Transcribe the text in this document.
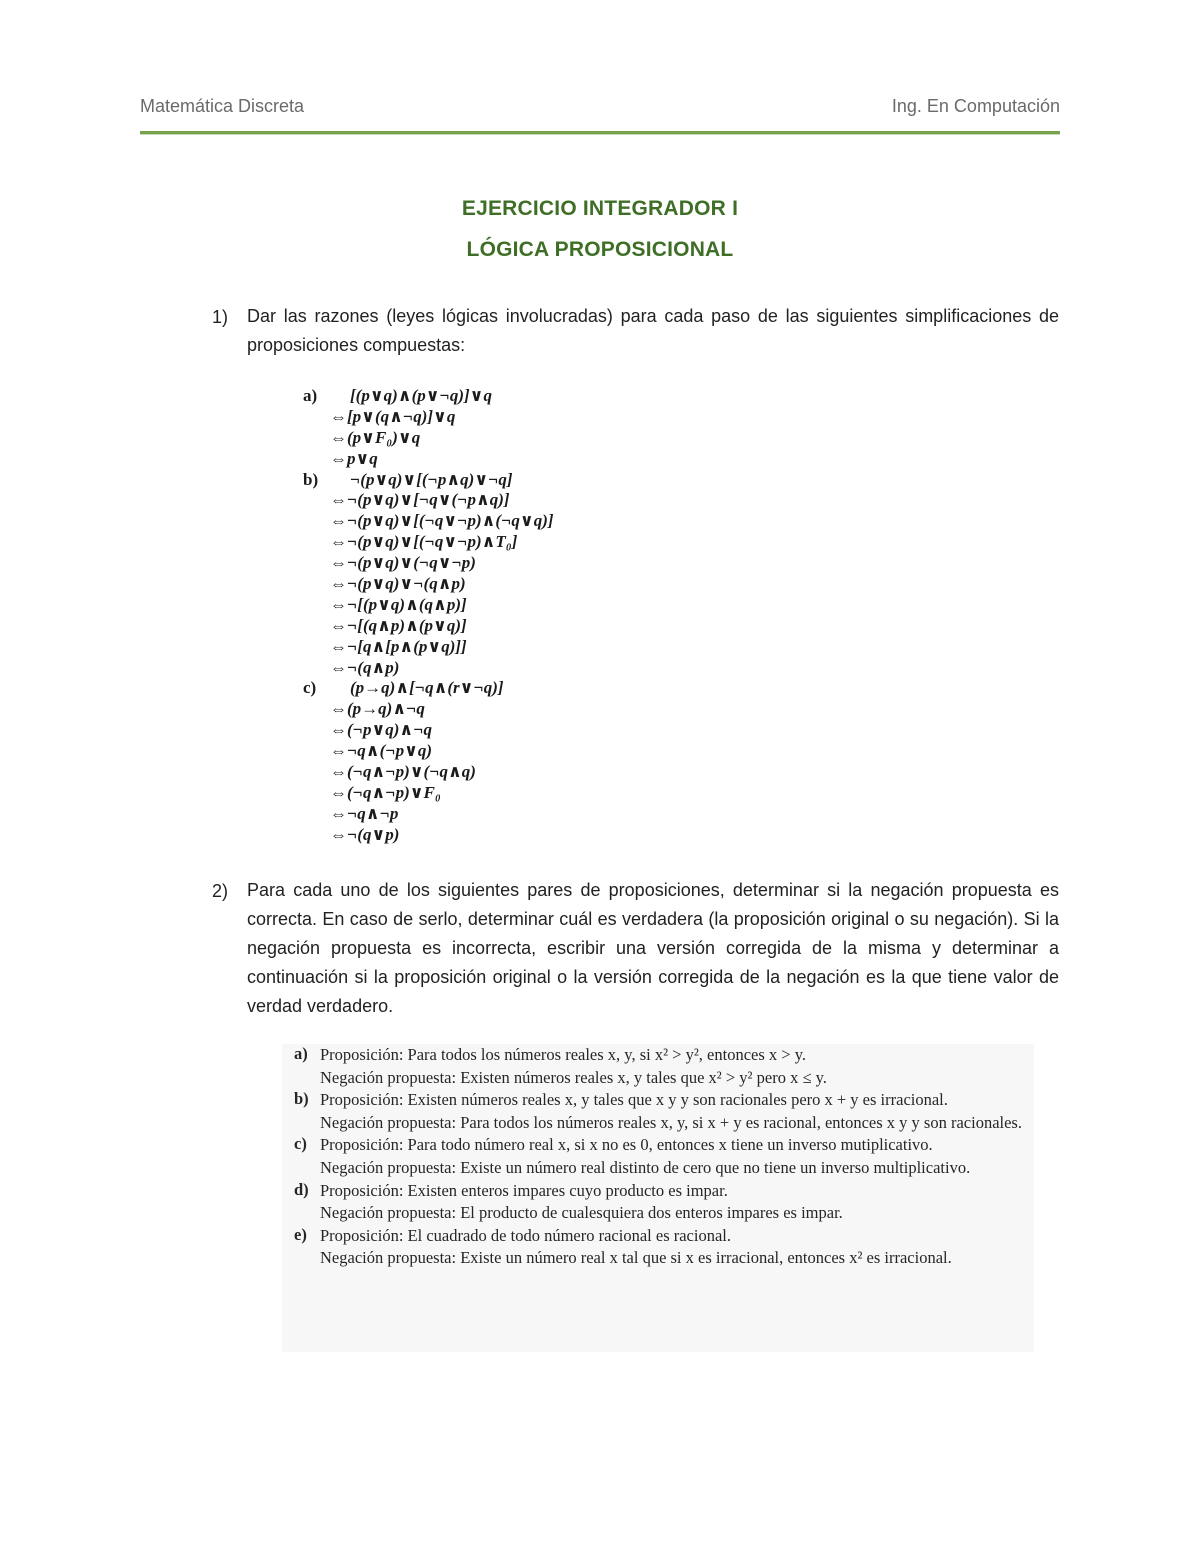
Matemática Discreta	Ing. En Computación
EJERCICIO INTEGRADOR I
LÓGICA PROPOSICIONAL
1) Dar las razones (leyes lógicas involucradas) para cada paso de las siguientes simplificaciones de proposiciones compuestas:

a) [(p∨q)∧(p∨¬q)]∨q
⇔[p∨(q∧¬q)]∨q
⇔(p∨F₀)∨q
⇔p∨q
b) ¬(p∨q)∨[(¬p∧q)∨¬q]
⇔¬(p∨q)∨[¬q∨(¬p∧q)]
⇔¬(p∨q)∨[(¬q∨¬p)∧(¬q∨q)]
⇔¬(p∨q)∨[(¬q∨¬p)∧T₀]
⇔¬(p∨q)∨(¬q∨¬p)
⇔¬(p∨q)∨¬(q∧p)
⇔¬[(p∨q)∧(q∧p)]
⇔¬[(q∧p)∧(p∨q)]
⇔¬[q∧[p∧(p∨q)]]
⇔¬(q∧p)
c) (p→q)∧[¬q∧(r∨¬q)]
⇔(p→q)∧¬q
⇔(¬p∨q)∧¬q
⇔¬q∧(¬p∨q)
⇔(¬q∧¬p)∨(¬q∧q)
⇔(¬q∧¬p)∨F₀
⇔¬q∧¬p
⇔¬(q∨p)
2) Para cada uno de los siguientes pares de proposiciones, determinar si la negación propuesta es correcta. En caso de serlo, determinar cuál es verdadera (la proposición original o su negación). Si la negación propuesta es incorrecta, escribir una versión corregida de la misma y determinar a continuación si la proposición original o la versión corregida de la negación es la que tiene valor de verdad verdadero.

a) Proposición: Para todos los números reales x, y, si x² > y², entonces x > y.
Negación propuesta: Existen números reales x, y tales que x² > y² pero x ≤ y.
b) Proposición: Existen números reales x, y tales que x y y son racionales pero x + y es irracional.
Negación propuesta: Para todos los números reales x, y, si x + y es racional, entonces x y y son racionales.
c) Proposición: Para todo número real x, si x no es 0, entonces x tiene un inverso mutiplicativo.
Negación propuesta: Existe un número real distinto de cero que no tiene un inverso multiplicativo.
d) Proposición: Existen enteros impares cuyo producto es impar.
Negación propuesta: El producto de cualesquiera dos enteros impares es impar.
e) Proposición: El cuadrado de todo número racional es racional.
Negación propuesta: Existe un número real x tal que si x es irracional, entonces x² es irracional.
